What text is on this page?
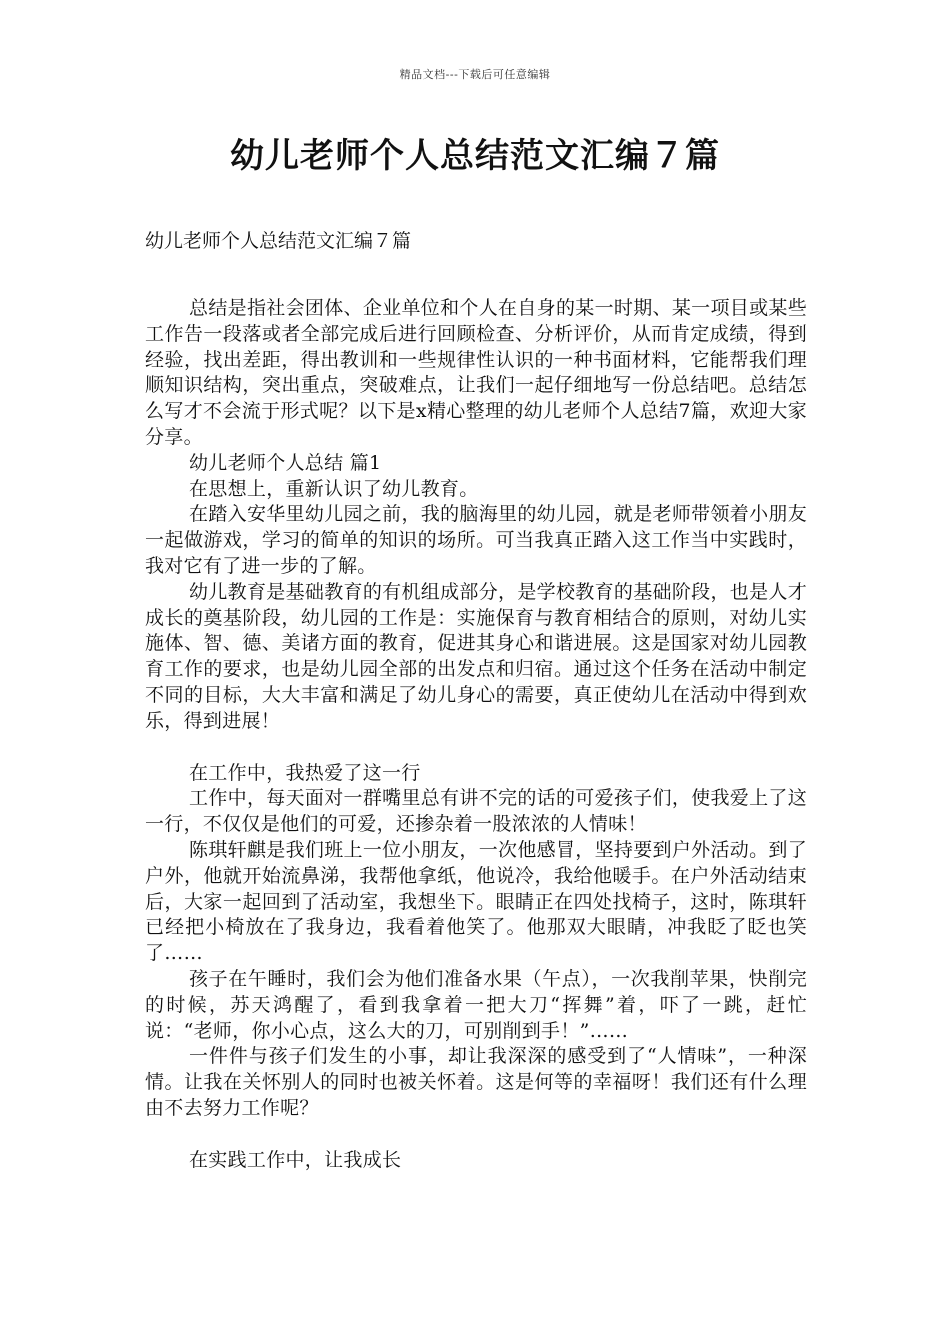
精品文档---下载后可任意编辑
幼儿老师个人总结范文汇编７篇
幼儿老师个人总结范文汇编７篇

总结是指社会团体、企业单位和个人在自身的某一时期、某一项目或某些工作告一段落或者全部完成后进行回顾检查、分析评价，从而肯定成绩，得到经验，找出差距，得出教训和一些规律性认识的一种书面材料，它能帮我们理顺知识结构，突出重点，突破难点，让我们一起仔细地写一份总结吧。总结怎么写才不会流于形式呢？以下是x精心整理的幼儿老师个人总结7篇，欢迎大家分享。

幼儿老师个人总结 篇1

在思想上，重新认识了幼儿教育。

在踏入安华里幼儿园之前，我的脑海里的幼儿园，就是老师带领着小朋友一起做游戏，学习的简单的知识的场所。可当我真正踏入这工作当中实践时，我对它有了进一步的了解。

幼儿教育是基础教育的有机组成部分，是学校教育的基础阶段，也是人才成长的奠基阶段，幼儿园的工作是：实施保育与教育相结合的原则，对幼儿实施体、智、德、美诸方面的教育，促进其身心和谐进展。这是国家对幼儿园教育工作的要求，也是幼儿园全部的出发点和归宿。通过这个任务在活动中制定不同的目标，大大丰富和满足了幼儿身心的需要，真正使幼儿在活动中得到欢乐，得到进展！

在工作中，我热爱了这一行

工作中，每天面对一群嘴里总有讲不完的话的可爱孩子们，使我爱上了这一行，不仅仅是他们的可爱，还掺杂着一股浓浓的人情味！

陈琪轩麒是我们班上一位小朋友，一次他感冒，坚持要到户外活动。到了户外，他就开始流鼻涕，我帮他拿纸，他说冷，我给他暖手。在户外活动结束后，大家一起回到了活动室，我想坐下。眼睛正在四处找椅子，这时，陈琪轩已经把小椅放在了我身边，我看着他笑了。他那双大眼睛，冲我眨了眨也笑了……

孩子在午睡时，我们会为他们准备水果（午点），一次我削苹果，快削完的时候，苏天鸿醒了，看到我拿着一把大刀“挥舞”着，吓了一跳，赶忙说：“老师，你小心点，这么大的刀，可别削到手！”……

一件件与孩子们发生的小事，却让我深深的感受到了“人情味”，一种深情。让我在关怀别人的同时也被关怀着。这是何等的幸福呀！我们还有什么理由不去努力工作呢？

在实践工作中，让我成长
